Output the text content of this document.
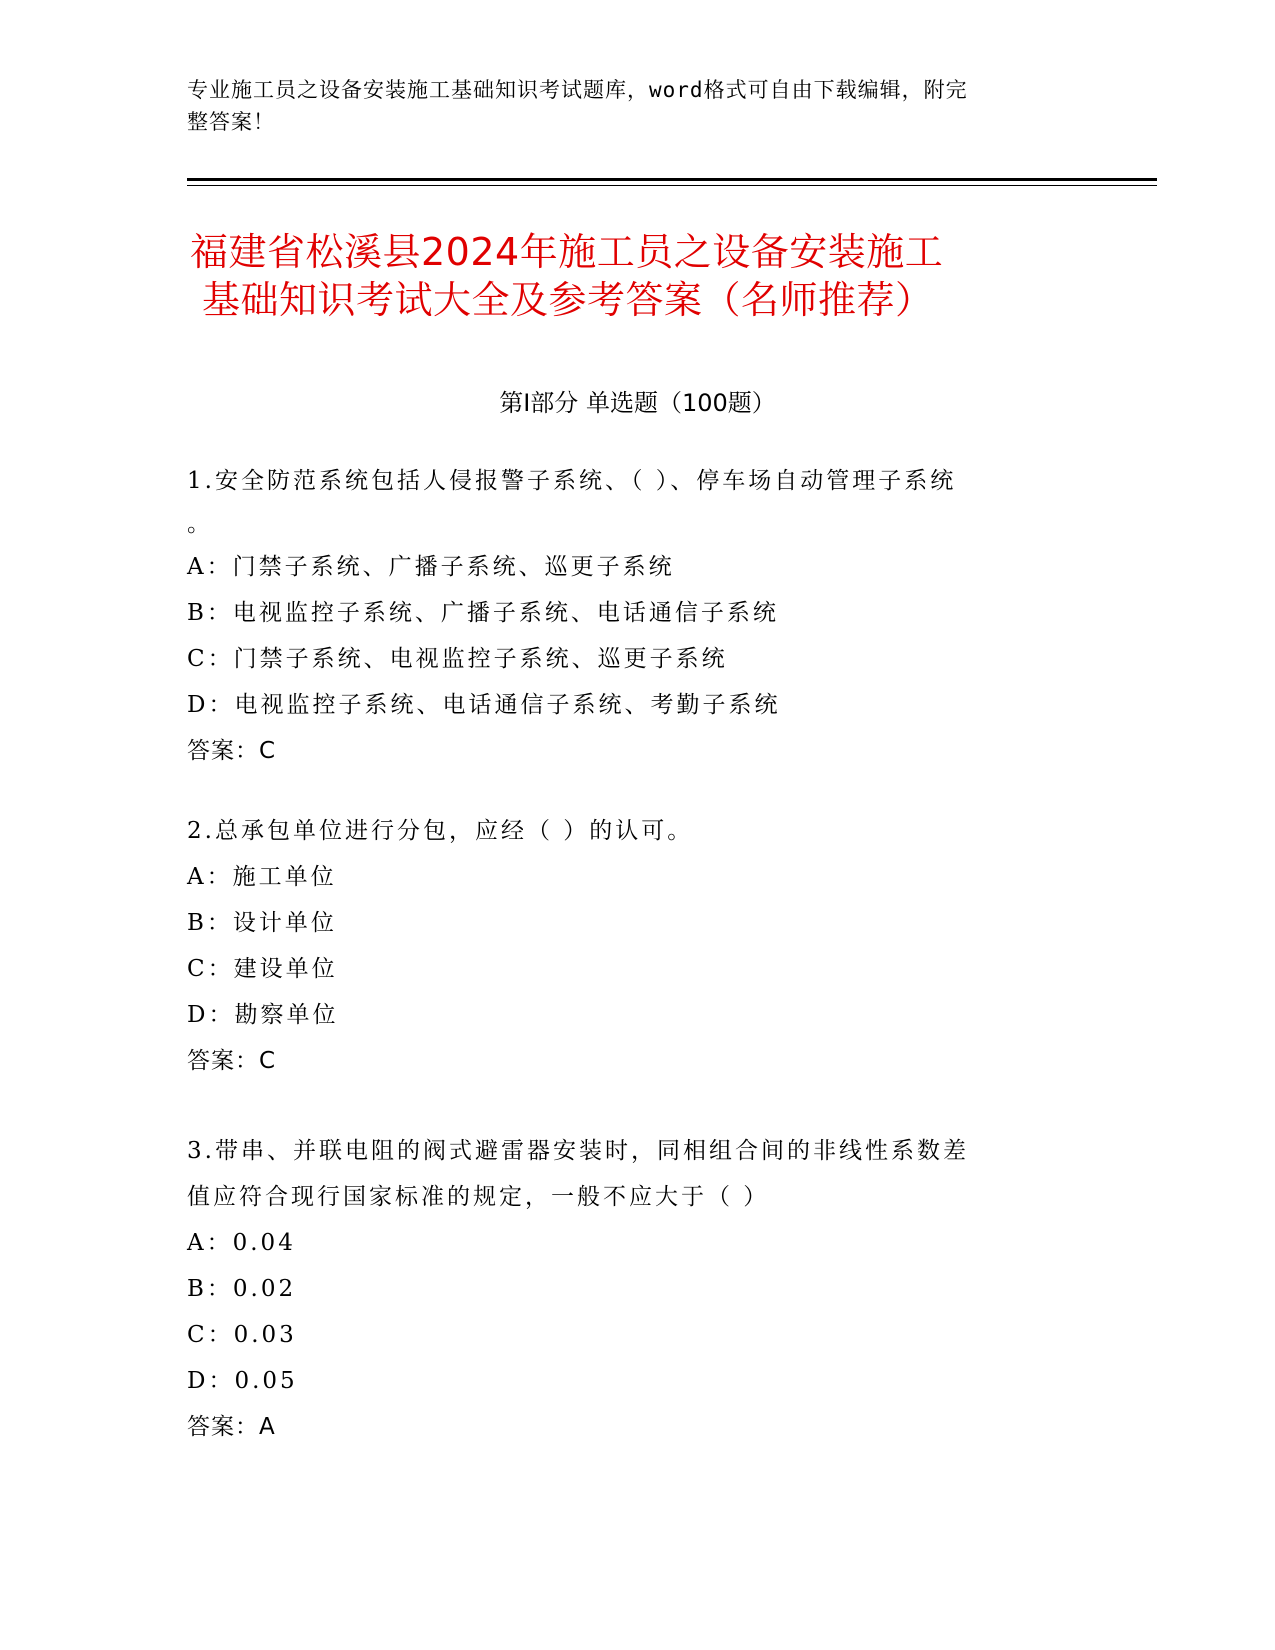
专业施工员之设备安装施工基础知识考试题库，word格式可自由下载编辑，附完
整答案！
福建省松溪县2024年施工员之设备安装施工
基础知识考试大全及参考答案（名师推荐）
第Ⅰ部分 单选题（100题）
1.安全防范系统包括人侵报警子系统、（ ）、停车场自动管理子系统
。
A：门禁子系统、广播子系统、巡更子系统
B：电视监控子系统、广播子系统、电话通信子系统
C：门禁子系统、电视监控子系统、巡更子系统
D：电视监控子系统、电话通信子系统、考勤子系统
答案：C
2.总承包单位进行分包，应经（ ）的认可。
A：施工单位
B：设计单位
C：建设单位
D：勘察单位
答案：C
3.带串、并联电阻的阀式避雷器安装时，同相组合间的非线性系数差
值应符合现行国家标准的规定，一般不应大于（ ）
A：0.04
B：0.02
C：0.03
D：0.05
答案：A
